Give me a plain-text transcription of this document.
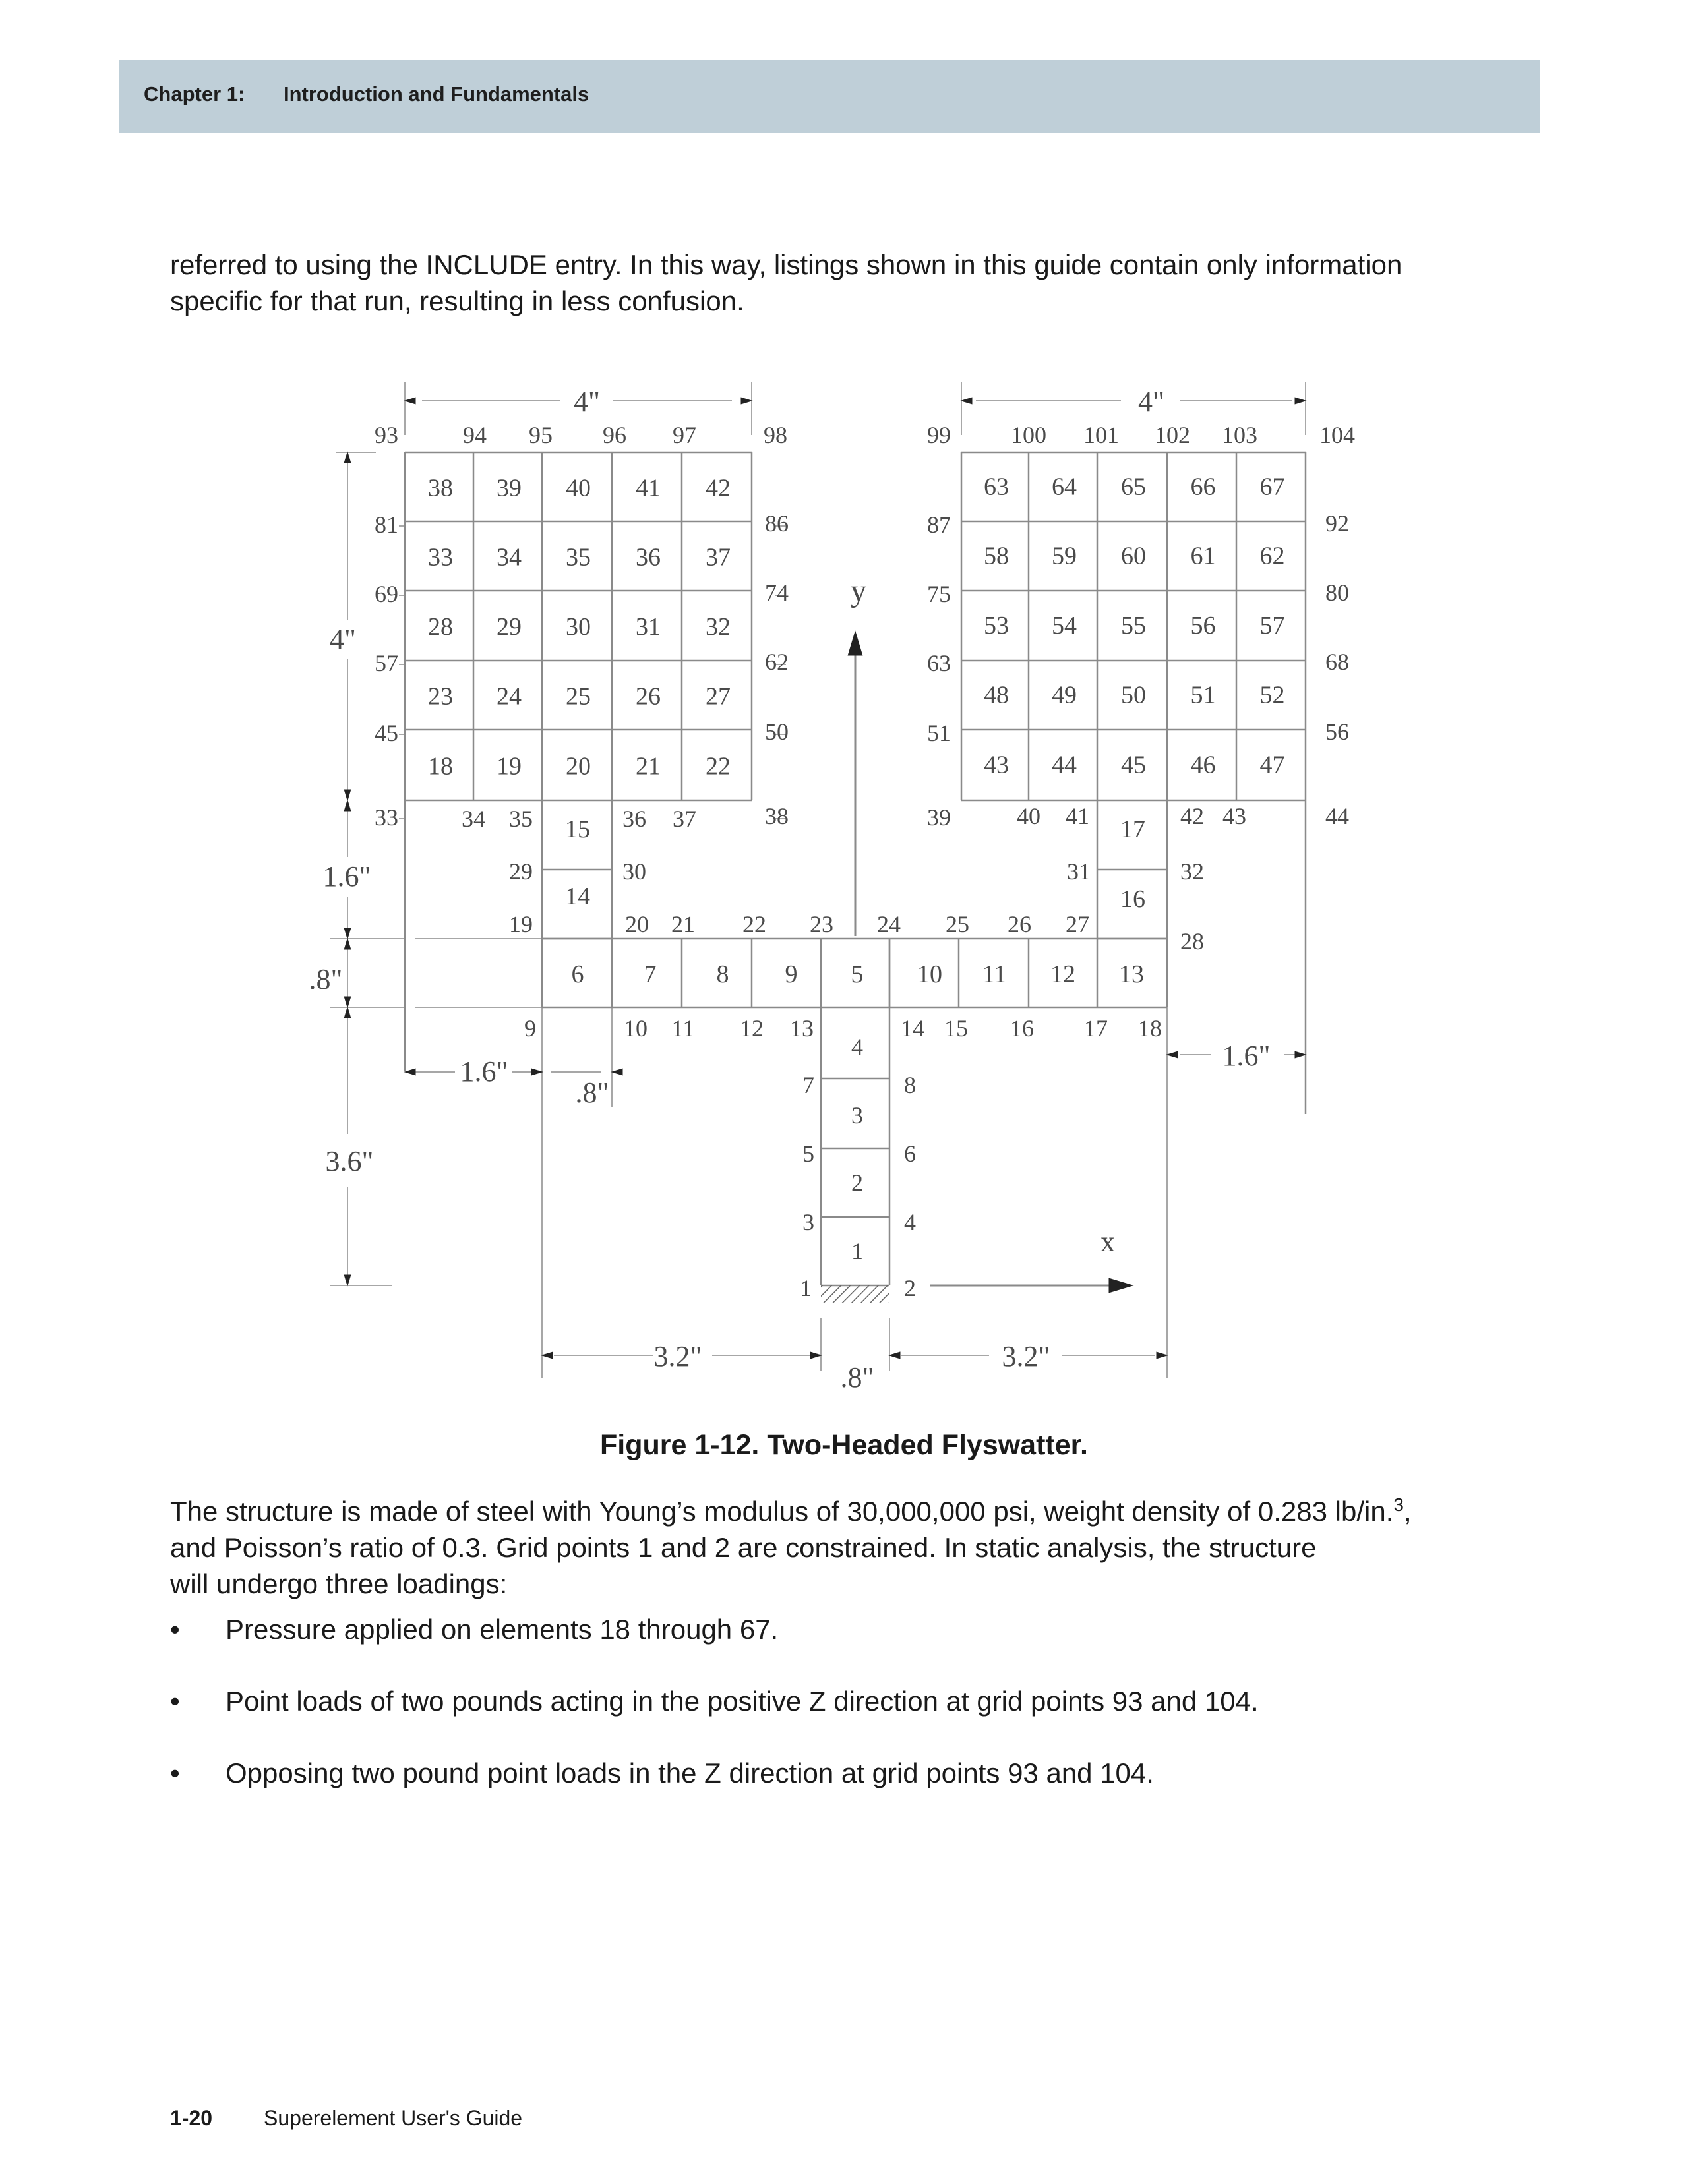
Chapter 1: Introduction and Fundamentals
referred to using the INCLUDE entry. In this way, listings shown in this guide contain only information
specific for that run, resulting in less confusion.
38 39 40 41 42
33 34 35 36 37
28 29 30 31 32
23 24 25 26 27
18 19 20 21 22
63 64 65 66 67
58 59 60 61 62
53 54 55 56 57
48 49 50 51 52
43 44 45 46 47
93	94 95 96 97	98	99	100 101 102 103	104
81
69
57
45
33
86
74
62
50
38
87
75
63
51
39
92
80
68
56
44
15
14
6 7 8 9 5 10 11 12 13
16
17
34 35	36 37
29	30
19	20 21
9	10 11
40 41	42 43
31	32
27
28
17 18
22 23 24 25 26
12 13	14 15 16
7	8
5	6
3	4
1	2
4
3
2
1
y
x
4"	4"
4"
1.6"
.8"
3.6"
1.6"
.8"
1.6"
3.2"
.8"
3.2"
Figure 1-12. Two-Headed Flyswatter.
The structure is made of steel with Young’s modulus of 30,000,000 psi, weight density of 0.283 lb/in.$^3$,
and Poisson’s ratio of 0.3. Grid points 1 and 2 are constrained. In static analysis, the structure
will undergo three loadings:
• Pressure applied on elements 18 through 67.
• Point loads of two pounds acting in the positive Z direction at grid points 93 and 104.
• Opposing two pound point loads in the Z direction at grid points 93 and 104.
1-20 Superelement User's Guide
